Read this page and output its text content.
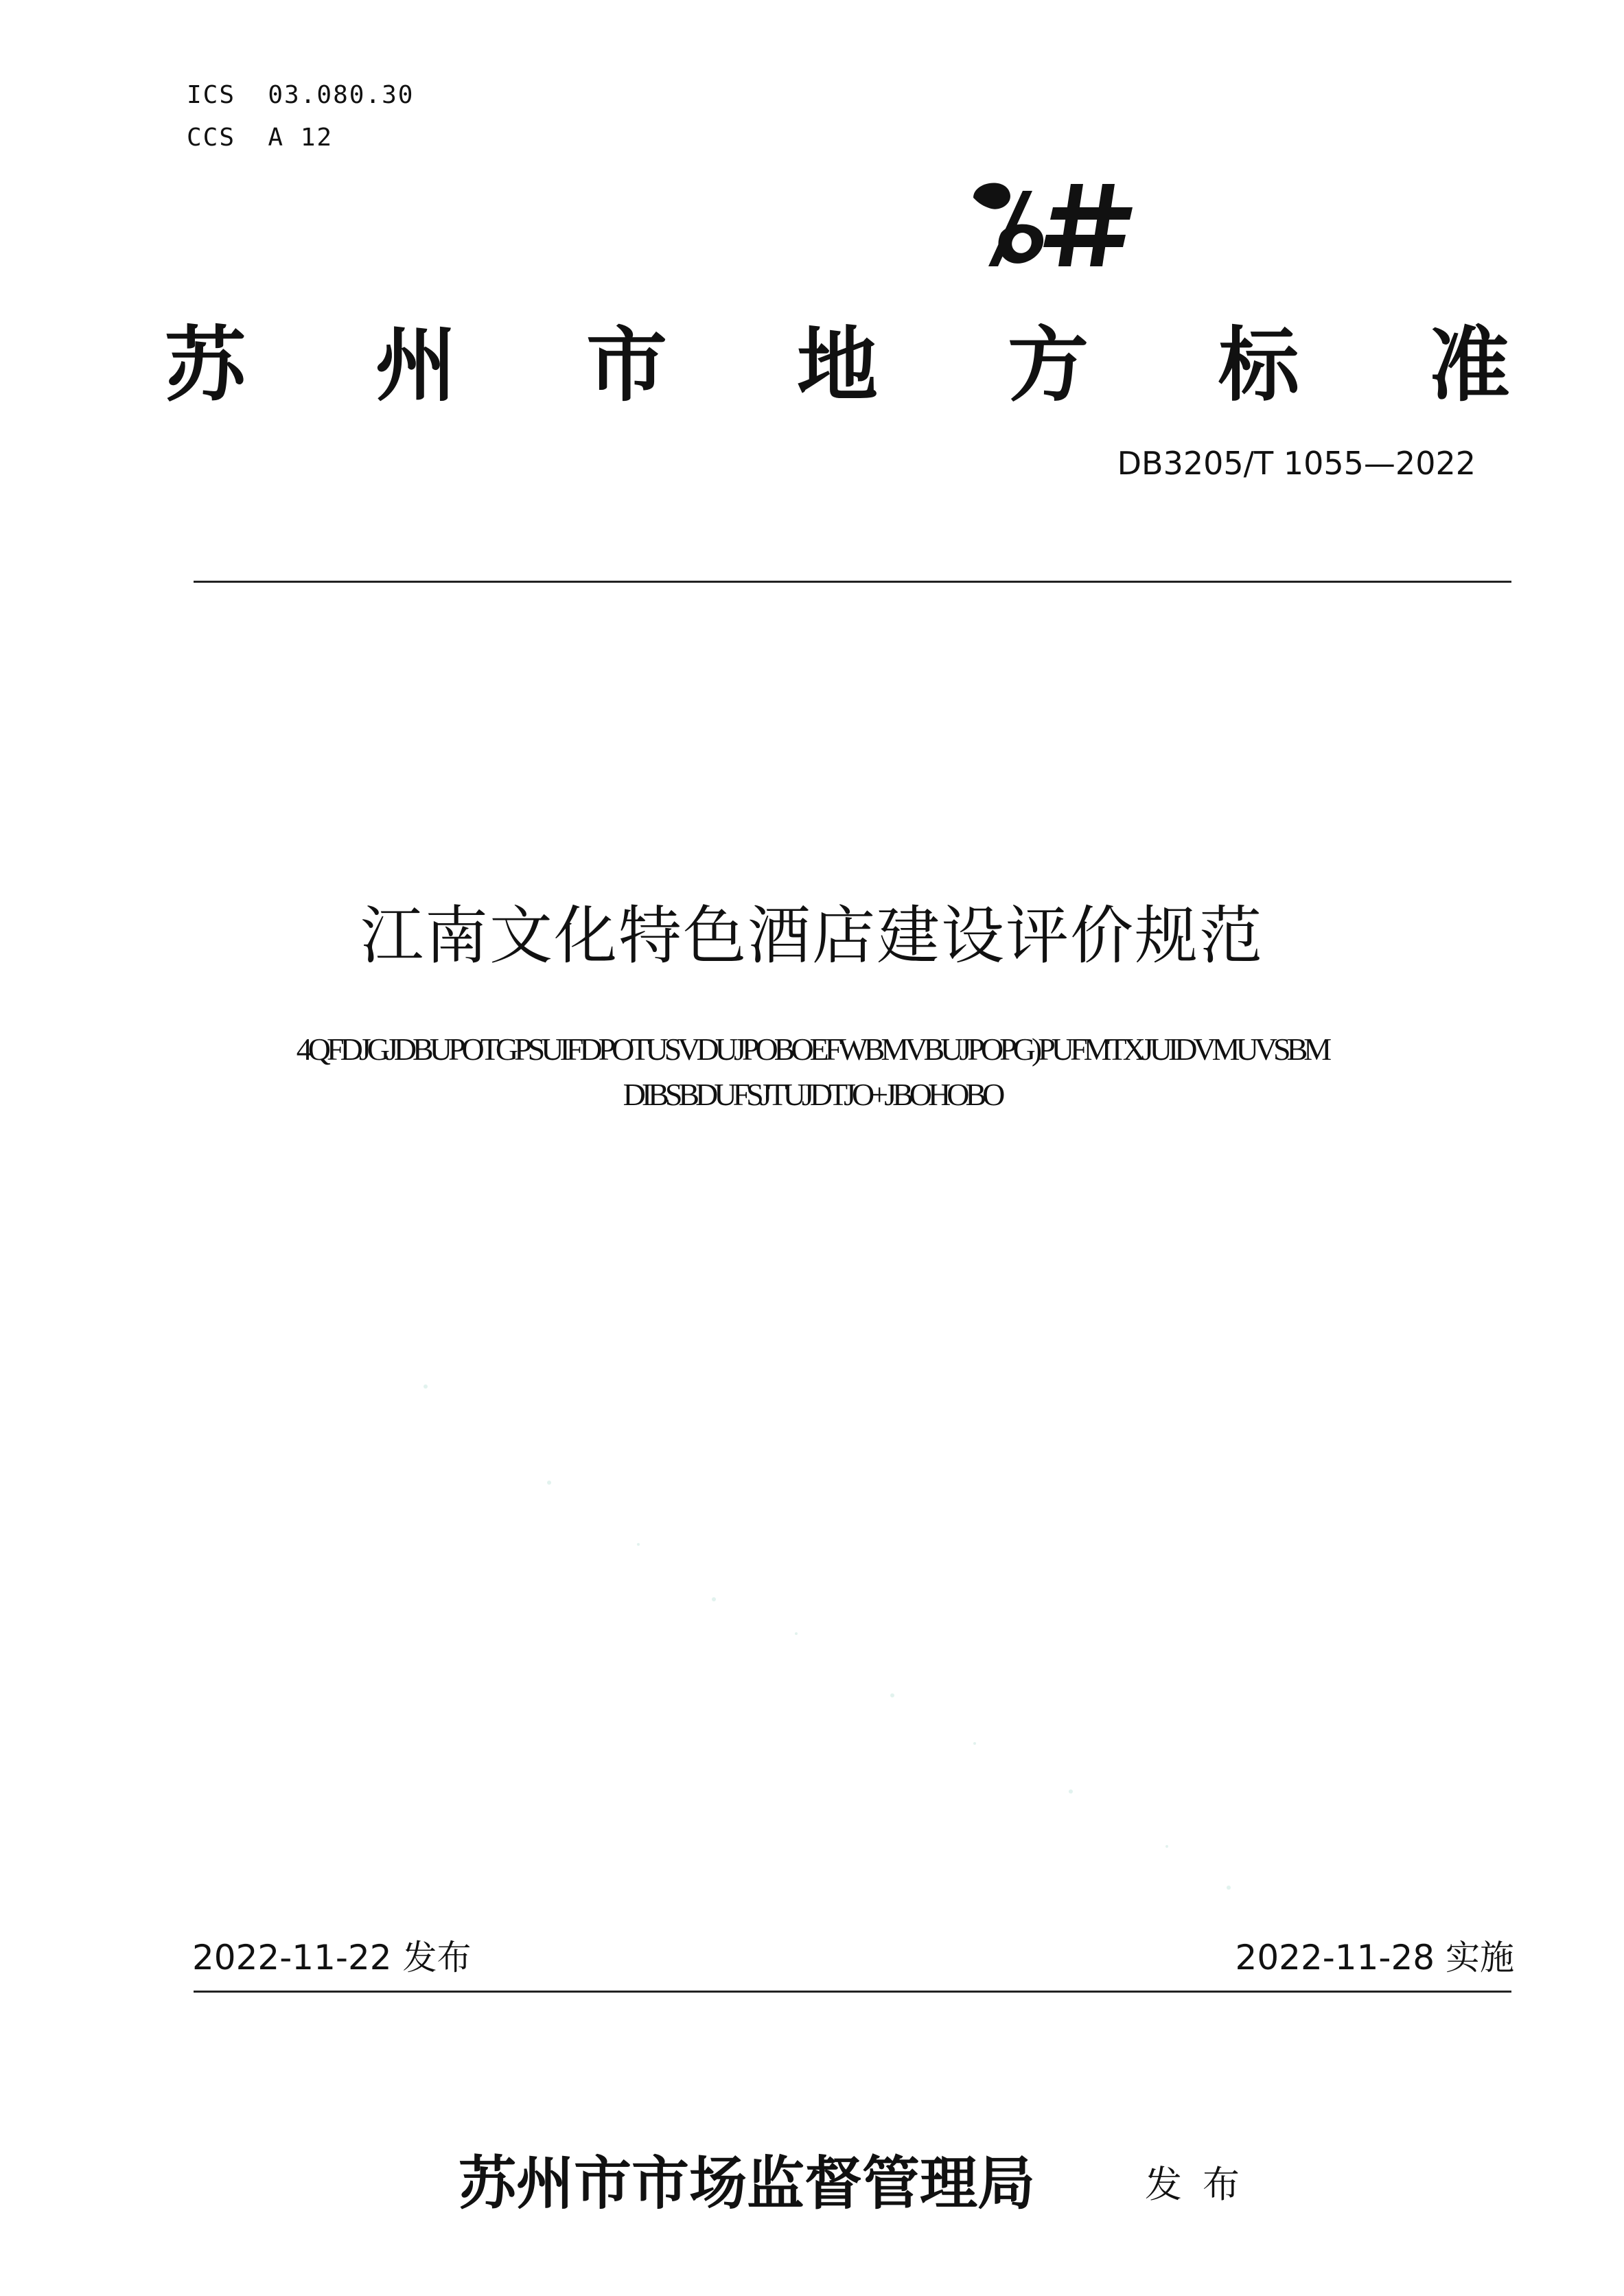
ICS  03.080.30
CCS  A 12
苏 州 市 地 方 标 准
DB3205/T 1055—2022
江南文化特色酒店建设评价规范
4QFDJGJDBUPOTGPSUIFDPOTUSVDUJPOBOEFWBMVBUJPOPG)PUFMTXJUIDVMUVSBM
DIBSBDUFSJTUJDTJO+JBOHOBO
2022-11-22 发布	2022-11-28 实施
苏州市市场监督管理局	发布
